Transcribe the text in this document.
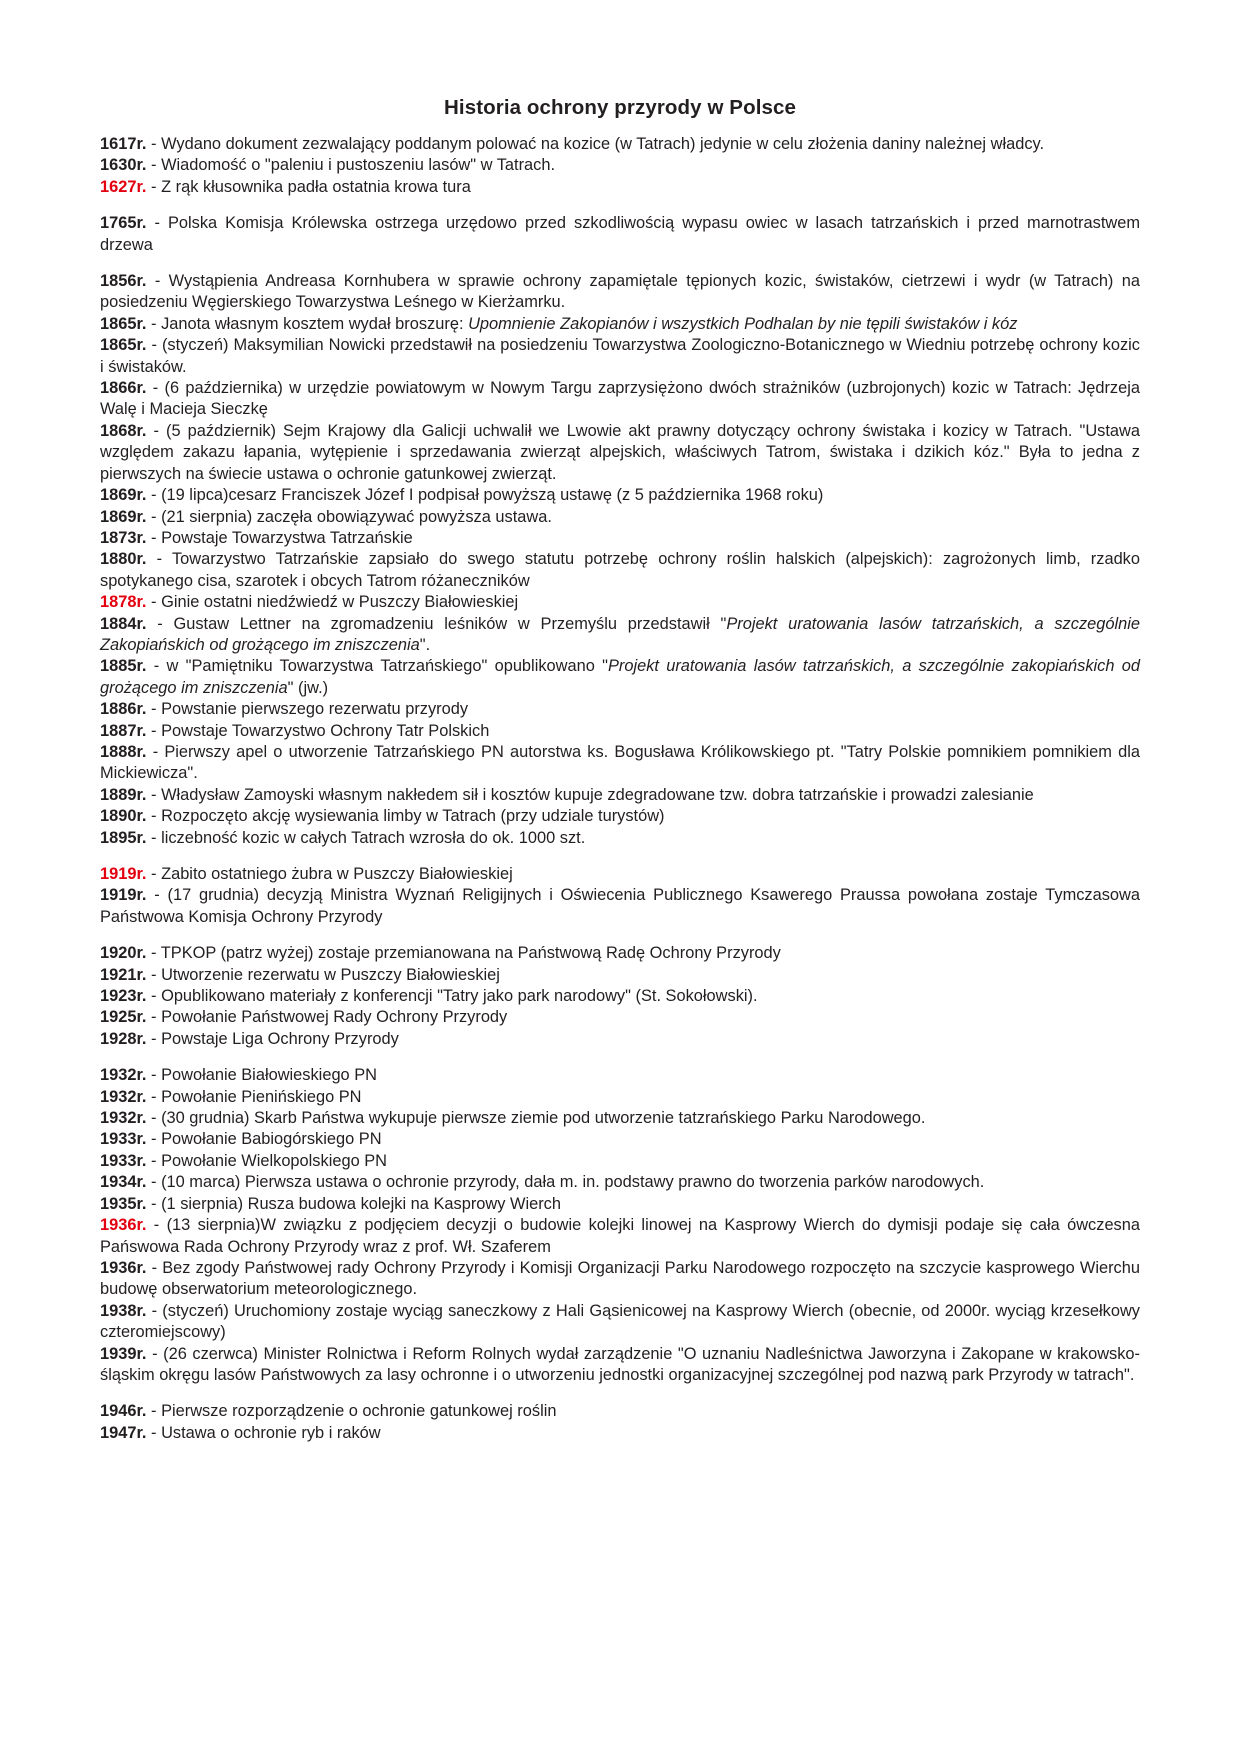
Historia ochrony przyrody w Polsce

1617r. - Wydano dokument zezwalający poddanym polować na kozice (w Tatrach) jedynie w celu złożenia daniny należnej władcy.

1630r. - Wiadomość o "paleniu i pustoszeniu lasów" w Tatrach.

1627r. - Z rąk kłusownika padła ostatnia krowa tura

1765r. - Polska Komisja Królewska ostrzega urzędowo przed szkodliwością wypasu owiec w lasach tatrzańskich i przed marnotrastwem drzewa

1856r. - Wystąpienia Andreasa Kornhubera w sprawie ochrony zapamiętale tępionych kozic, świstaków, cietrzewi i wydr (w Tatrach) na posiedzeniu Węgierskiego Towarzystwa Leśnego w Kierżamrku.

1865r. - Janota własnym kosztem wydał broszurę: Upomnienie Zakopianów i wszystkich Podhalan by nie tępili świstaków i kóz

1865r. - (styczeń) Maksymilian Nowicki przedstawił na posiedzeniu Towarzystwa Zoologiczno-Botanicznego w Wiedniu potrzebę ochrony kozic i świstaków.

1866r. - (6 października) w urzędzie powiatowym w Nowym Targu zaprzysiężono dwóch strażników (uzbrojonych) kozic w Tatrach: Jędrzeja Walę i Macieja Sieczkę

1868r. - (5 październik) Sejm Krajowy dla Galicji uchwalił we Lwowie akt prawny dotyczący ochrony świstaka i kozicy w Tatrach. "Ustawa względem zakazu łapania, wytępienie i sprzedawania zwierząt alpejskich, właściwych Tatrom, świstaka i dzikich kóz." Była to jedna z pierwszych na świecie ustawa o ochronie gatunkowej zwierząt.

1869r. - (19 lipca)cesarz Franciszek Józef I podpisał powyższą ustawę (z 5 października 1968 roku)

1869r. - (21 sierpnia) zaczęła obowiązywać powyższa ustawa.

1873r. - Powstaje Towarzystwa Tatrzańskie

1880r. - Towarzystwo Tatrzańskie zapsiało do swego statutu potrzebę ochrony roślin halskich (alpejskich): zagrożonych limb, rzadko spotykanego cisa, szarotek i obcych Tatrom różaneczników

1878r. - Ginie ostatni niedźwiedź w Puszczy Białowieskiej

1884r. - Gustaw Lettner na zgromadzeniu leśników w Przemyślu przedstawił "Projekt uratowania lasów tatrzańskich, a szczególnie Zakopiańskich od grożącego im zniszczenia".

1885r. - w "Pamiętniku Towarzystwa Tatrzańskiego" opublikowano "Projekt uratowania lasów tatrzańskich, a szczególnie zakopiańskich od grożącego im zniszczenia" (jw.)

1886r. - Powstanie pierwszego rezerwatu przyrody

1887r. - Powstaje Towarzystwo Ochrony Tatr Polskich

1888r. - Pierwszy apel o utworzenie Tatrzańskiego PN autorstwa ks. Bogusława Królikowskiego pt. "Tatry Polskie pomnikiem pomnikiem dla Mickiewicza".

1889r. - Władysław Zamoyski własnym nakłedem sił i kosztów kupuje zdegradowane tzw. dobra tatrzańskie i prowadzi zalesianie

1890r. - Rozpoczęto akcję wysiewania limby w Tatrach (przy udziale turystów)

1895r. - liczebność kozic w całych Tatrach wzrosła do ok. 1000 szt.

1919r. - Zabito ostatniego żubra w Puszczy Białowieskiej

1919r. - (17 grudnia) decyzją Ministra Wyznań Religijnych i Oświecenia Publicznego Ksawerego Praussa powołana zostaje Tymczasowa Państwowa Komisja Ochrony Przyrody

1920r. - TPKOP (patrz wyżej) zostaje przemianowana na Państwową Radę Ochrony Przyrody

1921r. - Utworzenie rezerwatu w Puszczy Białowieskiej

1923r. - Opublikowano materiały z konferencji "Tatry jako park narodowy" (St. Sokołowski).

1925r. - Powołanie Państwowej Rady Ochrony Przyrody

1928r. - Powstaje Liga Ochrony Przyrody

1932r. - Powołanie Białowieskiego PN

1932r. - Powołanie Pienińskiego PN

1932r. - (30 grudnia) Skarb Państwa wykupuje pierwsze ziemie pod utworzenie tatzrańskiego Parku Narodowego.

1933r. - Powołanie Babiogórskiego PN

1933r. - Powołanie Wielkopolskiego PN

1934r. - (10 marca) Pierwsza ustawa o ochronie przyrody, dała m. in. podstawy prawno do tworzenia parków narodowych.

1935r. - (1 sierpnia) Rusza budowa kolejki na Kasprowy Wierch

1936r. - (13 sierpnia)W związku z podjęciem decyzji o budowie kolejki linowej na Kasprowy Wierch do dymisji podaje się cała ówczesna Pańswowa Rada Ochrony Przyrody wraz z prof. Wł. Szaferem

1936r. - Bez zgody Państwowej rady Ochrony Przyrody i Komisji Organizacji Parku Narodowego rozpoczęto na szczycie kasprowego Wierchu budowę obserwatorium meteorologicznego.

1938r. - (styczeń) Uruchomiony zostaje wyciąg saneczkowy z Hali Gąsienicowej na Kasprowy Wierch (obecnie, od 2000r. wyciąg krzesełkowy czteromiejscowy)

1939r. - (26 czerwca) Minister Rolnictwa i Reform Rolnych wydał zarządzenie "O uznaniu Nadleśnictwa Jaworzyna i Zakopane w krakowsko-śląskim okręgu lasów Państwowych za lasy ochronne i o utworzeniu jednostki organizacyjnej szczególnej pod nazwą park Przyrody w tatrach".

1946r. - Pierwsze rozporządzenie o ochronie gatunkowej roślin

1947r. - Ustawa o ochronie ryb i raków
